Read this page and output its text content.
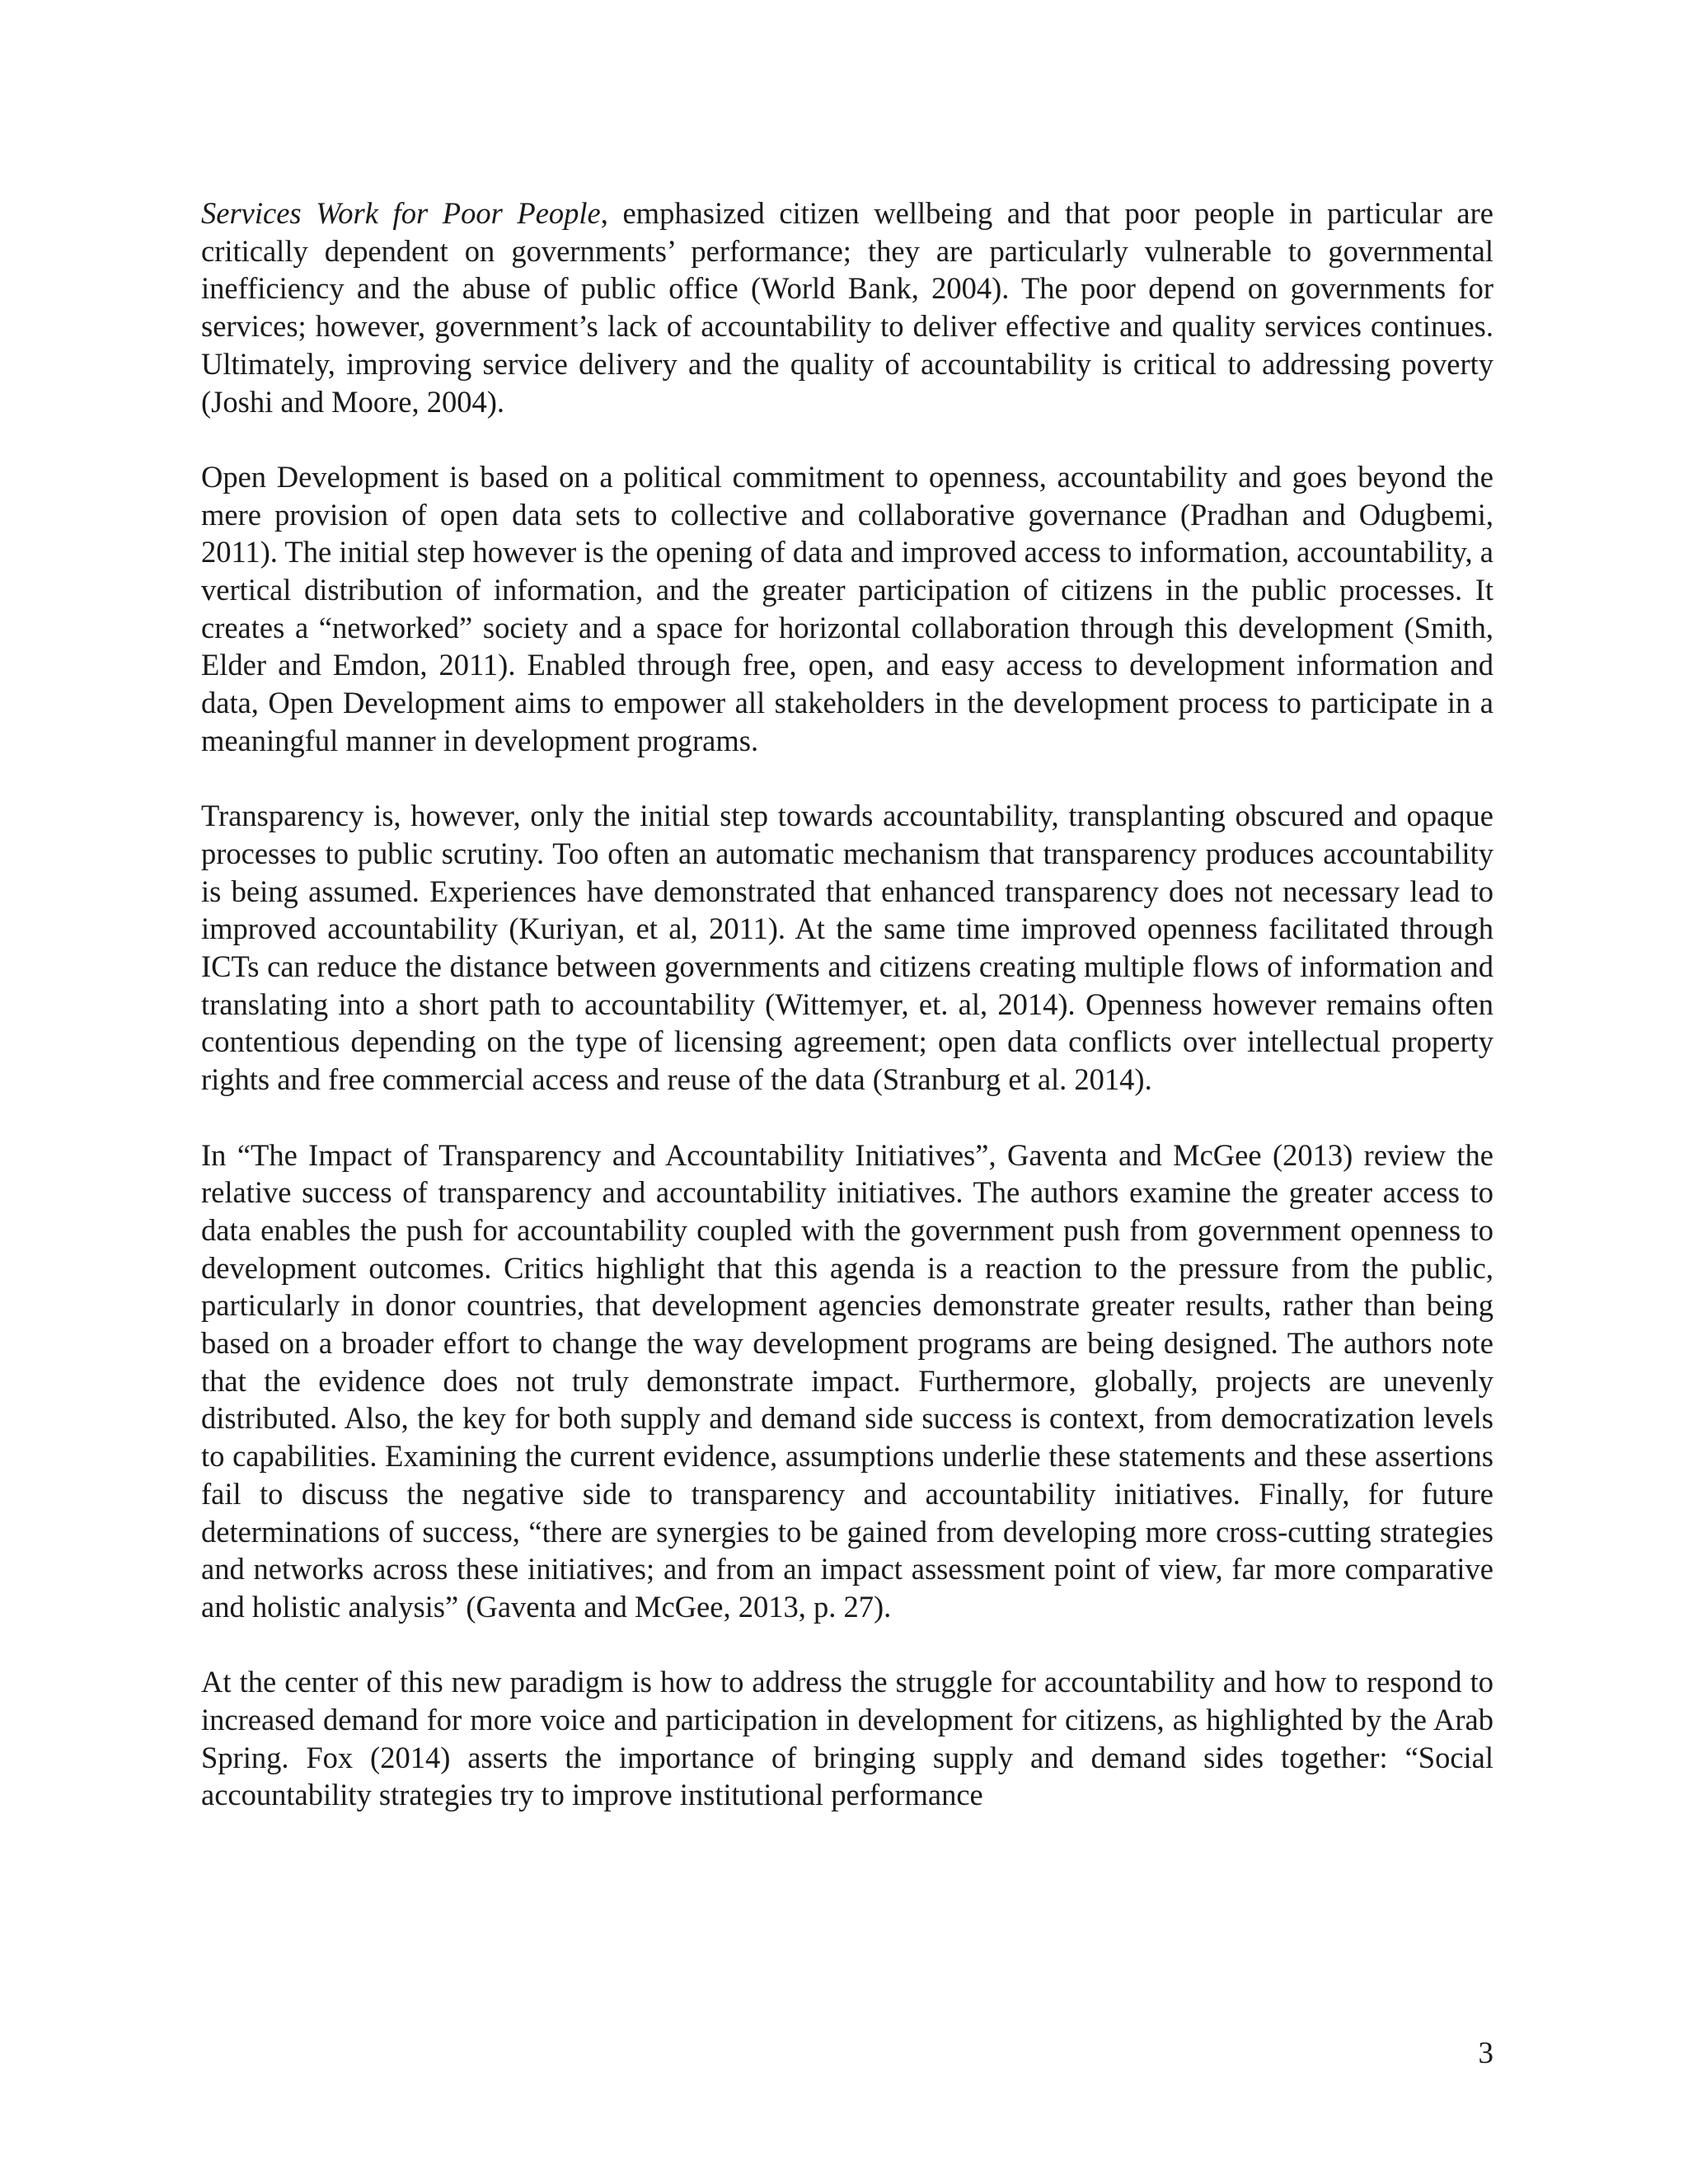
Services Work for Poor People, emphasized citizen wellbeing and that poor people in particular are critically dependent on governments’ performance; they are particularly vulnerable to governmental inefficiency and the abuse of public office (World Bank, 2004). The poor depend on governments for services; however, government’s lack of accountability to deliver effective and quality services continues. Ultimately, improving service delivery and the quality of accountability is critical to addressing poverty (Joshi and Moore, 2004).

Open Development is based on a political commitment to openness, accountability and goes beyond the mere provision of open data sets to collective and collaborative governance (Pradhan and Odugbemi, 2011). The initial step however is the opening of data and improved access to information, accountability, a vertical distribution of information, and the greater participation of citizens in the public processes. It creates a “networked” society and a space for horizontal collaboration through this development (Smith, Elder and Emdon, 2011). Enabled through free, open, and easy access to development information and data, Open Development aims to empower all stakeholders in the development process to participate in a meaningful manner in development programs.

Transparency is, however, only the initial step towards accountability, transplanting obscured and opaque processes to public scrutiny. Too often an automatic mechanism that transparency produces accountability is being assumed. Experiences have demonstrated that enhanced transparency does not necessary lead to improved accountability (Kuriyan, et al, 2011). At the same time improved openness facilitated through ICTs can reduce the distance between governments and citizens creating multiple flows of information and translating into a short path to accountability (Wittemyer, et. al, 2014). Openness however remains often contentious depending on the type of licensing agreement; open data conflicts over intellectual property rights and free commercial access and reuse of the data (Stranburg et al. 2014).

In “The Impact of Transparency and Accountability Initiatives”, Gaventa and McGee (2013) review the relative success of transparency and accountability initiatives. The authors examine the greater access to data enables the push for accountability coupled with the government push from government openness to development outcomes. Critics highlight that this agenda is a reaction to the pressure from the public, particularly in donor countries, that development agencies demonstrate greater results, rather than being based on a broader effort to change the way development programs are being designed. The authors note that the evidence does not truly demonstrate impact. Furthermore, globally, projects are unevenly distributed. Also, the key for both supply and demand side success is context, from democratization levels to capabilities. Examining the current evidence, assumptions underlie these statements and these assertions fail to discuss the negative side to transparency and accountability initiatives. Finally, for future determinations of success, “there are synergies to be gained from developing more cross-cutting strategies and networks across these initiatives; and from an impact assessment point of view, far more comparative and holistic analysis” (Gaventa and McGee, 2013, p. 27).

At the center of this new paradigm is how to address the struggle for accountability and how to respond to increased demand for more voice and participation in development for citizens, as highlighted by the Arab Spring. Fox (2014) asserts the importance of bringing supply and demand sides together: “Social accountability strategies try to improve institutional performance

3
